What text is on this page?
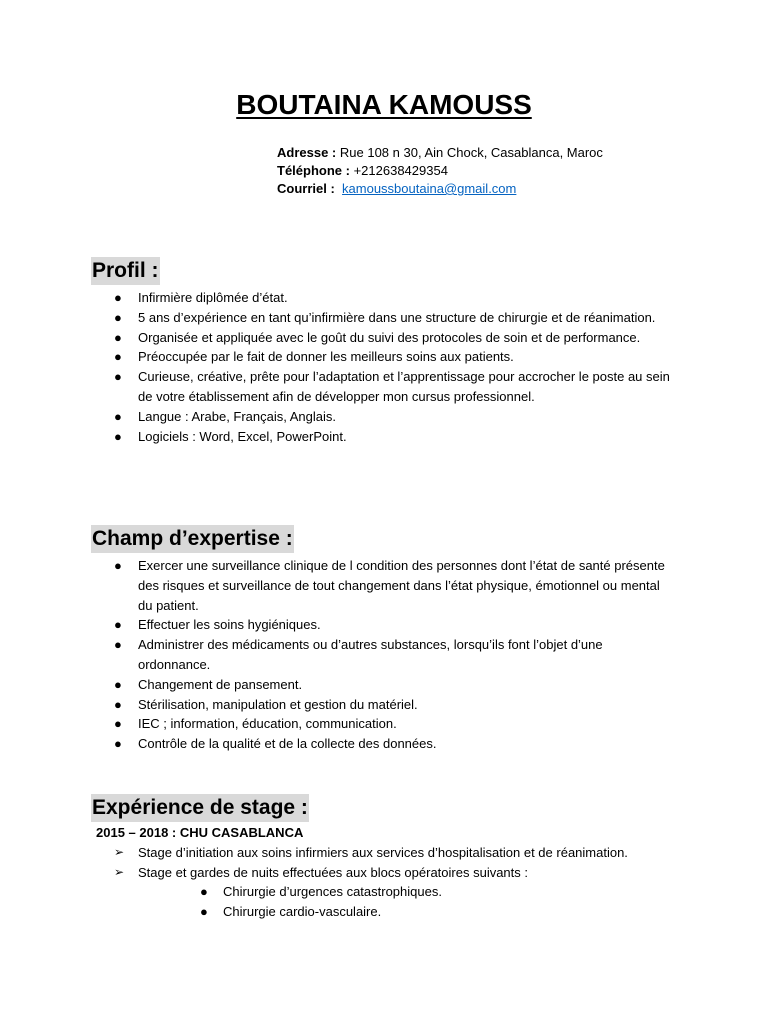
BOUTAINA KAMOUSS
Adresse : Rue 108 n 30, Ain Chock, Casablanca, Maroc
Téléphone : +212638429354
Courriel : kamoussboutaina@gmail.com
Profil :
● Infirmière diplômée d’état.
● 5 ans d’expérience en tant qu’infirmière dans une structure de chirurgie et de réanimation.
● Organisée et appliquée avec le goût du suivi des protocoles de soin et de performance.
● Préoccupée par le fait de donner les meilleurs soins aux patients.
● Curieuse, créative, prête pour l’adaptation et l’apprentissage pour accrocher le poste au sein de votre établissement afin de développer mon cursus professionnel.
● Langue : Arabe, Français, Anglais.
● Logiciels : Word, Excel, PowerPoint.
Champ d’expertise :
● Exercer une surveillance clinique de l condition des personnes dont l’état de santé présente des risques et surveillance de tout changement dans l’état physique, émotionnel ou mental du patient.
● Effectuer les soins hygiéniques.
● Administrer des médicaments ou d’autres substances, lorsqu’ils font l’objet d’une ordonnance.
● Changement de pansement.
● Stérilisation, manipulation et gestion du matériel.
● IEC ; information, éducation, communication.
● Contrôle de la qualité et de la collecte des données.
Expérience de stage :
2015 – 2018 : CHU CASABLANCA
➢ Stage d’initiation aux soins infirmiers aux services d’hospitalisation et de réanimation.
➢ Stage et gardes de nuits effectuées aux blocs opératoires suivants :
● Chirurgie d’urgences catastrophiques.
● Chirurgie cardio-vasculaire.
